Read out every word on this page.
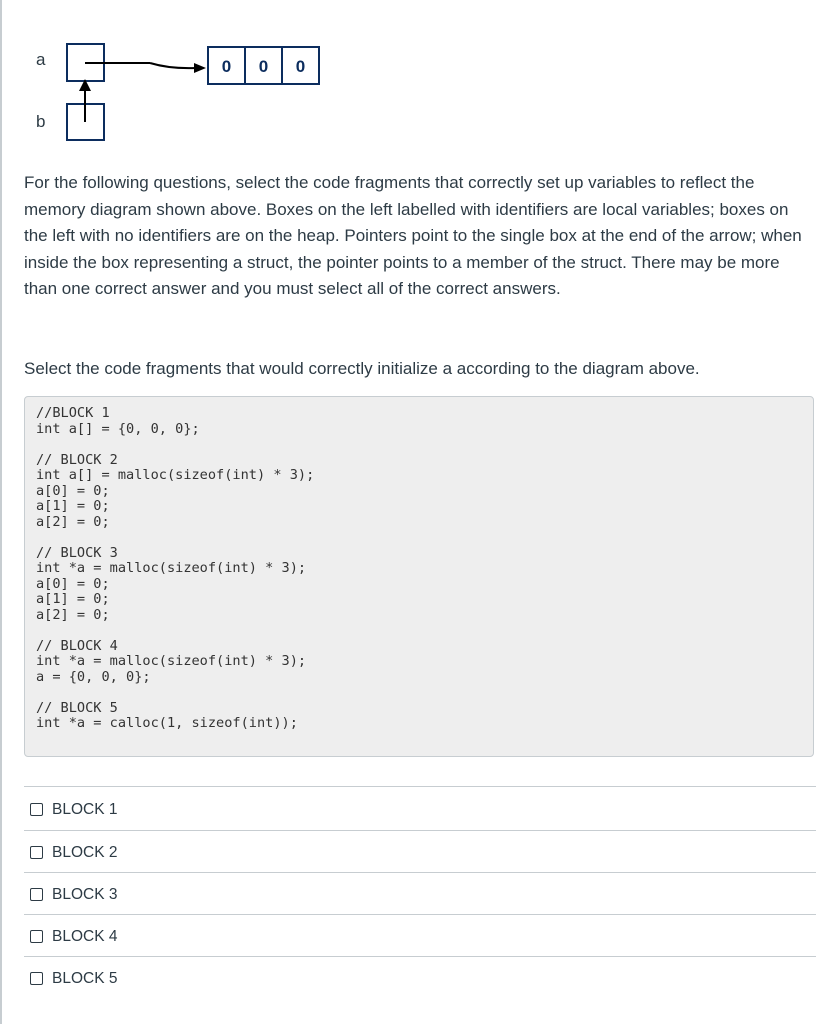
a
b
0 0 0

For the following questions, select the code fragments that correctly set up variables to reflect the memory diagram shown above. Boxes on the left labelled with identifiers are local variables; boxes on the left with no identifiers are on the heap. Pointers point to the single box at the end of the arrow; when inside the box representing a struct, the pointer points to a member of the struct. There may be more than one correct answer and you must select all of the correct answers.

Select the code fragments that would correctly initialize a according to the diagram above.

//BLOCK 1
int a[] = {0, 0, 0};
// BLOCK 2
int a[] = malloc(sizeof(int) * 3);
a[0] = 0;
a[1] = 0;
a[2] = 0;
// BLOCK 3
int *a = malloc(sizeof(int) * 3);
a[0] = 0;
a[1] = 0;
a[2] = 0;
// BLOCK 4
int *a = malloc(sizeof(int) * 3);
a = {0, 0, 0};
// BLOCK 5
int *a = calloc(1, sizeof(int));
BLOCK 1
BLOCK 2
BLOCK 3
BLOCK 4
BLOCK 5
